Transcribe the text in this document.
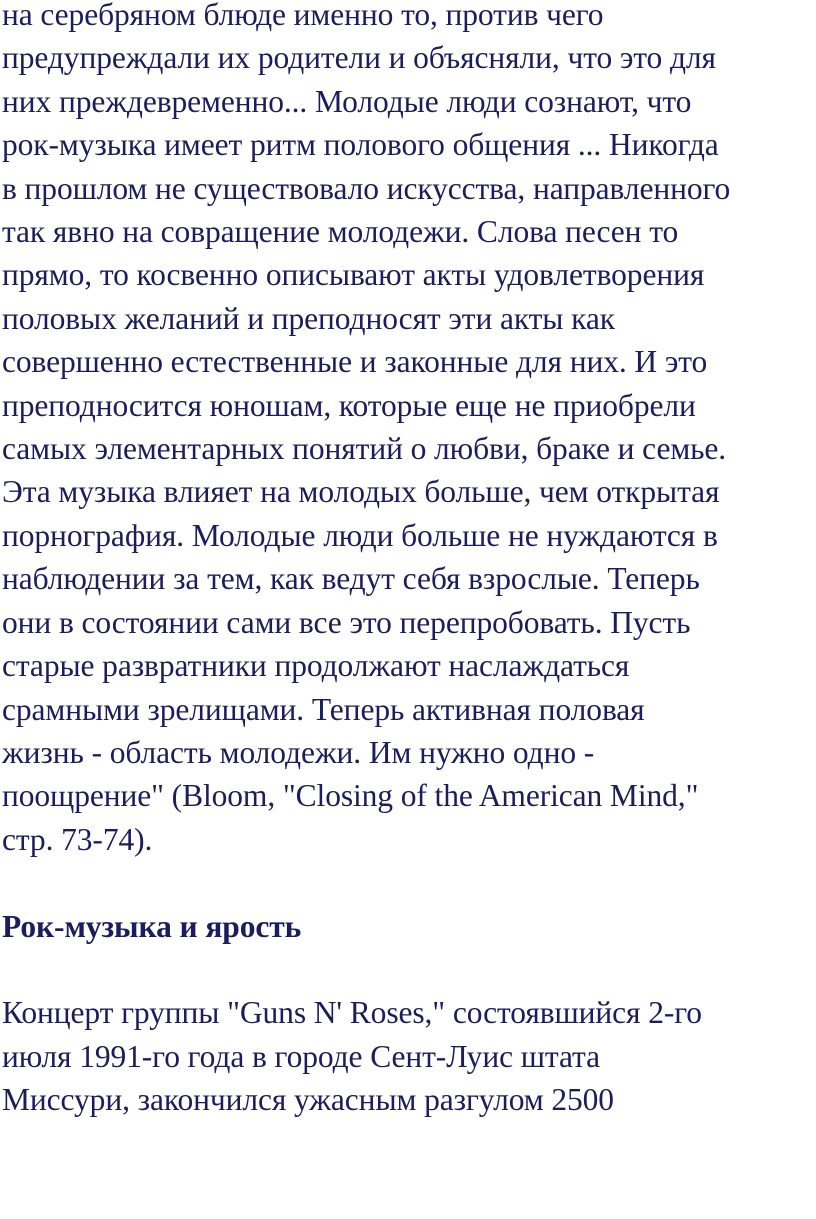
на серебряном блюде именно то, против чего
предупреждали их родители и объясняли, что это для
них преждевременно... Молодые люди сознают, что
рок-музыка имеет ритм полового общения ... Никогда
в прошлом не существовало искусства, направленного
так явно на совращение молодежи. Слова песен то
прямо, то косвенно описывают акты удовлетворения
половых желаний и преподносят эти акты как
совершенно естественные и законные для них. И это
преподносится юношам, которые еще не приобрели
самых элементарных понятий о любви, браке и семье.
Эта музыка влияет на молодых больше, чем открытая
порнография. Молодые люди больше не нуждаются в
наблюдении за тем, как ведут себя взрослые. Теперь
они в состоянии сами все это перепробовать. Пусть
старые развратники продолжают наслаждаться
срамными зрелищами. Теперь активная половая
жизнь - область молодежи. Им нужно одно -
поощрение" (Bloom, "Closing of the American Mind,"
стр. 73-74).
Рок-музыка и ярость
Концерт группы "Guns N' Roses," состоявшийся 2-го
июля 1991-го года в городе Сент-Луис штата
Миссури, закончился ужасным разгулом 2500
